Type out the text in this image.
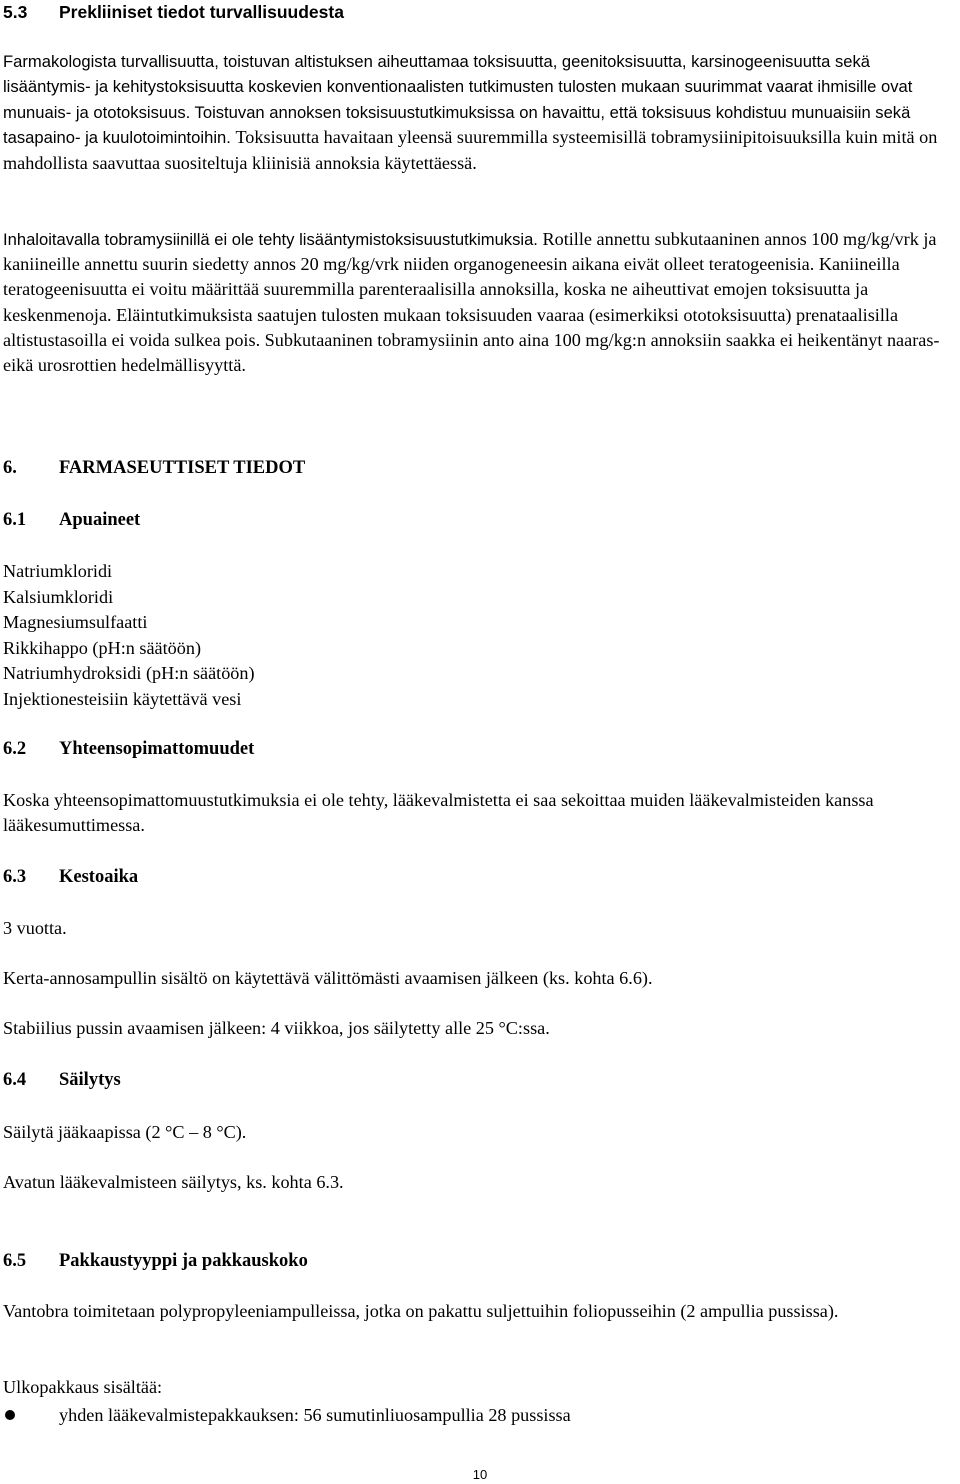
5.3 Prekliiniset tiedot turvallisuudesta
Farmakologista turvallisuutta, toistuvan altistuksen aiheuttamaa toksisuutta, geenitoksisuutta, karsinogeenisuutta sekä lisääntymis- ja kehitystoksisuutta koskevien konventionaalisten tutkimusten tulosten mukaan suurimmat vaarat ihmisille ovat munuais- ja ototoksisuus. Toistuvan annoksen toksisuustutkimuksissa on havaittu, että toksisuus kohdistuu munuaisiin sekä tasapaino- ja kuulotoimintoihin. Toksisuutta havaitaan yleensä suuremmilla systeemisillä tobramysiinipitoisuuksilla kuin mitä on mahdollista saavuttaa suositeltuja kliinisiä annoksia käytettäessä.
Inhaloitavalla tobramysiinillä ei ole tehty lisääntymistoksisuustutkimuksia. Rotille annettu subkutaaninen annos 100 mg/kg/vrk ja kaniineille annettu suurin siedetty annos 20 mg/kg/vrk niiden organogeneesin aikana eivät olleet teratogeenisia. Kaniineilla teratogeenisuutta ei voitu määrittää suuremmilla parenteraalisilla annoksilla, koska ne aiheuttivat emojen toksisuutta ja keskenmenoja. Eläintutkimuksista saatujen tulosten mukaan toksisuuden vaaraa (esimerkiksi ototoksisuutta) prenataalisilla altistustasoilla ei voida sulkea pois. Subkutaaninen tobramysiinin anto aina 100 mg/kg:n annoksiin saakka ei heikentänyt naaras- eikä urosrottien hedelmällisyyttä.
6. FARMASEUTTISET TIEDOT
6.1 Apuaineet
Natriumkloridi
Kalsiumkloridi
Magnesiumsulfaatti
Rikkihappo (pH:n säätöön)
Natriumhydroksidi (pH:n säätöön)
Injektionesteisiin käytettävä vesi
6.2 Yhteensopimattomuudet
Koska yhteensopimattomuustutkimuksia ei ole tehty, lääkevalmistetta ei saa sekoittaa muiden lääkevalmisteiden kanssa lääkesumuttimessa.
6.3 Kestoaika
3 vuotta.
Kerta-annosampullin sisältö on käytettävä välittömästi avaamisen jälkeen (ks. kohta 6.6).
Stabiilius pussin avaamisen jälkeen: 4 viikkoa, jos säilytetty alle 25 °C:ssa.
6.4 Säilytys
Säilytä jääkaapissa (2 °C – 8 °C).
Avatun lääkevalmisteen säilytys, ks. kohta 6.3.
6.5 Pakkaustyyppi ja pakkauskoko
Vantobra toimitetaan polypropyleeniampulleissa, jotka on pakattu suljettuihin foliopusseihin (2 ampullia pussissa).
Ulkopakkaus sisältää:
yhden lääkevalmistepakkauksen: 56 sumutinliuosampullia 28 pussissa
10
